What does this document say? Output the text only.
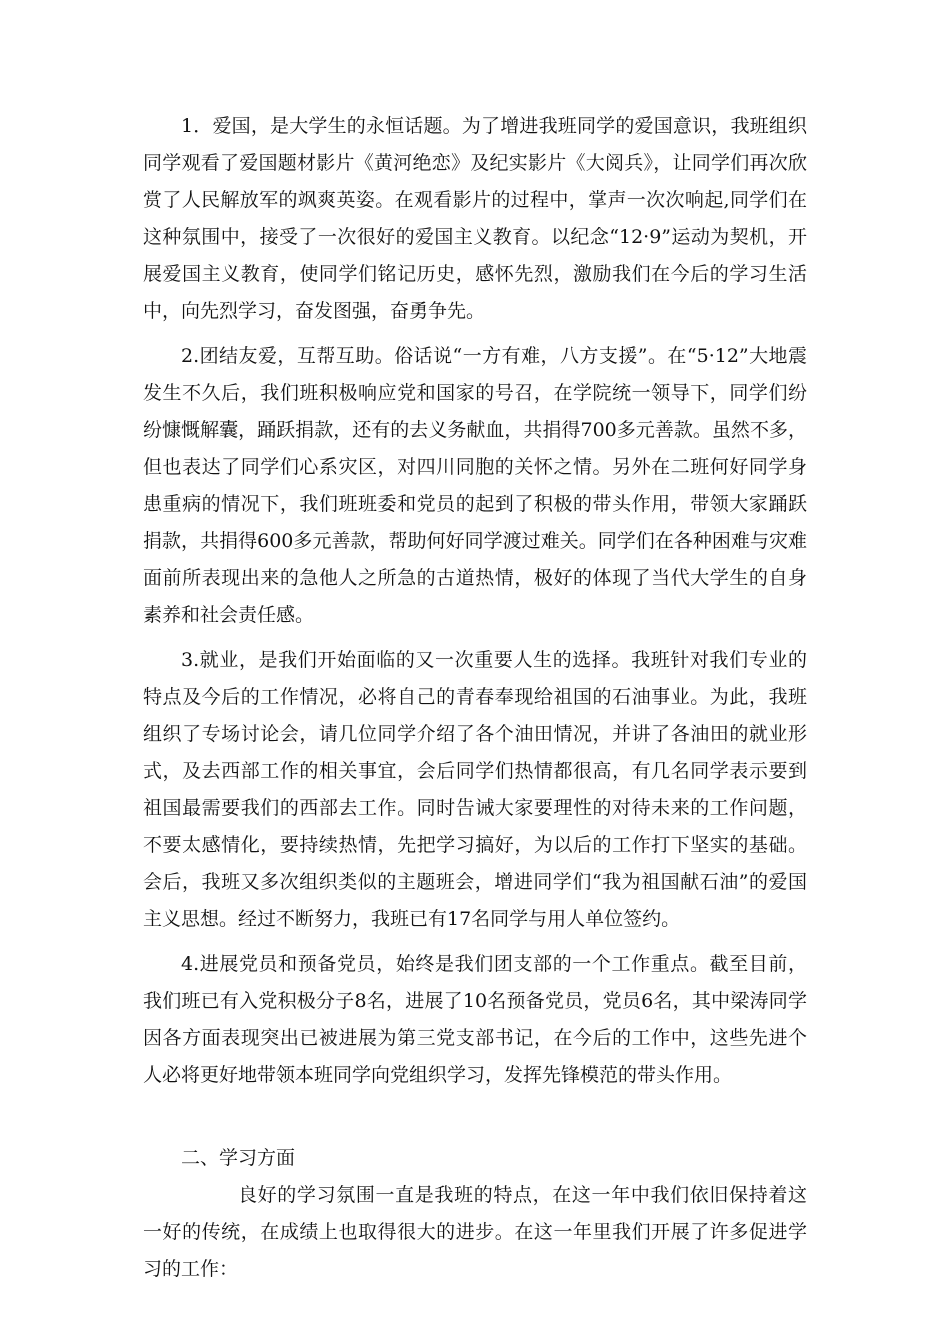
1．爱国，是大学生的永恒话题。为了增进我班同学的爱国意识，我班组织同学观看了爱国题材影片《黄河绝恋》及纪实影片《大阅兵》，让同学们再次欣赏了人民解放军的飒爽英姿。在观看影片的过程中，掌声一次次响起,同学们在这种氛围中，接受了一次很好的爱国主义教育。以纪念“12·9”运动为契机，开展爱国主义教育，使同学们铭记历史，感怀先烈，激励我们在今后的学习生活中，向先烈学习，奋发图强，奋勇争先。

2.团结友爱，互帮互助。俗话说“一方有难，八方支援”。在“5·12”大地震发生不久后，我们班积极响应党和国家的号召，在学院统一领导下，同学们纷纷慷慨解囊，踊跃捐款，还有的去义务献血，共捐得700多元善款。虽然不多，但也表达了同学们心系灾区，对四川同胞的关怀之情。另外在二班何好同学身患重病的情况下，我们班班委和党员的起到了积极的带头作用，带领大家踊跃捐款，共捐得600多元善款，帮助何好同学渡过难关。同学们在各种困难与灾难面前所表现出来的急他人之所急的古道热情，极好的体现了当代大学生的自身素养和社会责任感。

3.就业，是我们开始面临的又一次重要人生的选择。我班针对我们专业的特点及今后的工作情况，必将自己的青春奉现给祖国的石油事业。为此，我班组织了专场讨论会，请几位同学介绍了各个油田情况，并讲了各油田的就业形式，及去西部工作的相关事宜，会后同学们热情都很高，有几名同学表示要到祖国最需要我们的西部去工作。同时告诫大家要理性的对待未来的工作问题，不要太感情化，要持续热情，先把学习搞好，为以后的工作打下坚实的基础。会后，我班又多次组织类似的主题班会，增进同学们“我为祖国献石油”的爱国主义思想。经过不断努力，我班已有17名同学与用人单位签约。

4.进展党员和预备党员，始终是我们团支部的一个工作重点。截至目前，我们班已有入党积极分子8名，进展了10名预备党员，党员6名，其中梁涛同学因各方面表现突出已被进展为第三党支部书记，在今后的工作中，这些先进个人必将更好地带领本班同学向党组织学习，发挥先锋模范的带头作用。

二、学习方面

良好的学习氛围一直是我班的特点，在这一年中我们依旧保持着这一好的传统，在成绩上也取得很大的进步。在这一年里我们开展了许多促进学习的工作：
